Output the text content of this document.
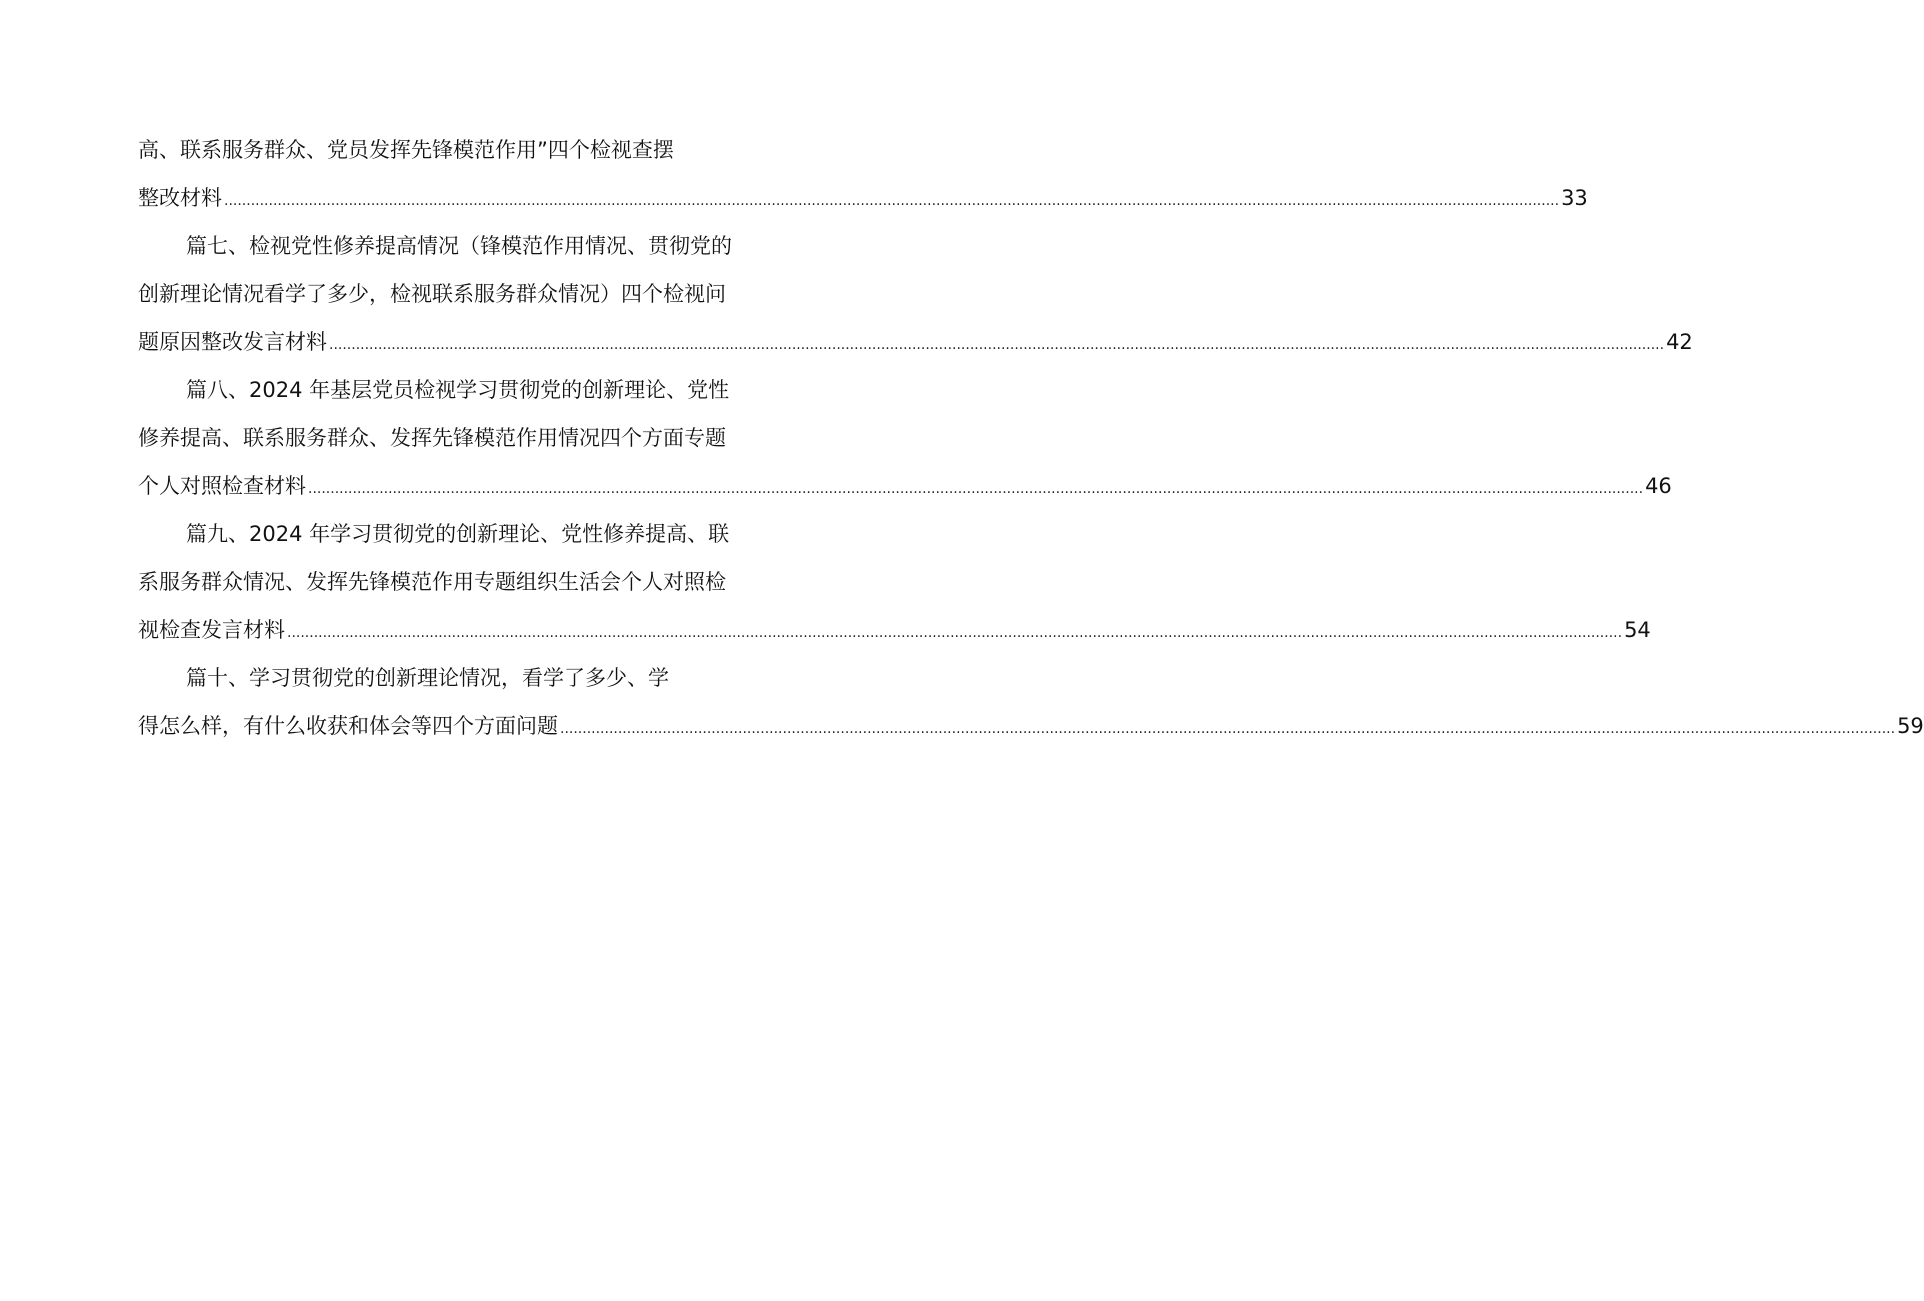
高、联系服务群众、党员发挥先锋模范作用”四个检视查摆
整改材料 ............................................................................................................................................................................................................................................................................................................ 33
篇七、检视党性修养提高情况（锋模范作用情况、贯彻党的
创新理论情况看学了多少，检视联系服务群众情况）四个检视问
题原因整改发言材料 ............................................................................................................................................................................................................................................................................................................ 42
篇八、2024 年基层党员检视学习贯彻党的创新理论、党性
修养提高、联系服务群众、发挥先锋模范作用情况四个方面专题
个人对照检查材料 ............................................................................................................................................................................................................................................................................................................ 46
篇九、2024 年学习贯彻党的创新理论、党性修养提高、联
系服务群众情况、发挥先锋模范作用专题组织生活会个人对照检
视检查发言材料 ............................................................................................................................................................................................................................................................................................................ 54
篇十、学习贯彻党的创新理论情况，看学了多少、学
得怎么样，有什么收获和体会等四个方面问题 ............................................................................................................................................................................................................................................................................................................ 59
